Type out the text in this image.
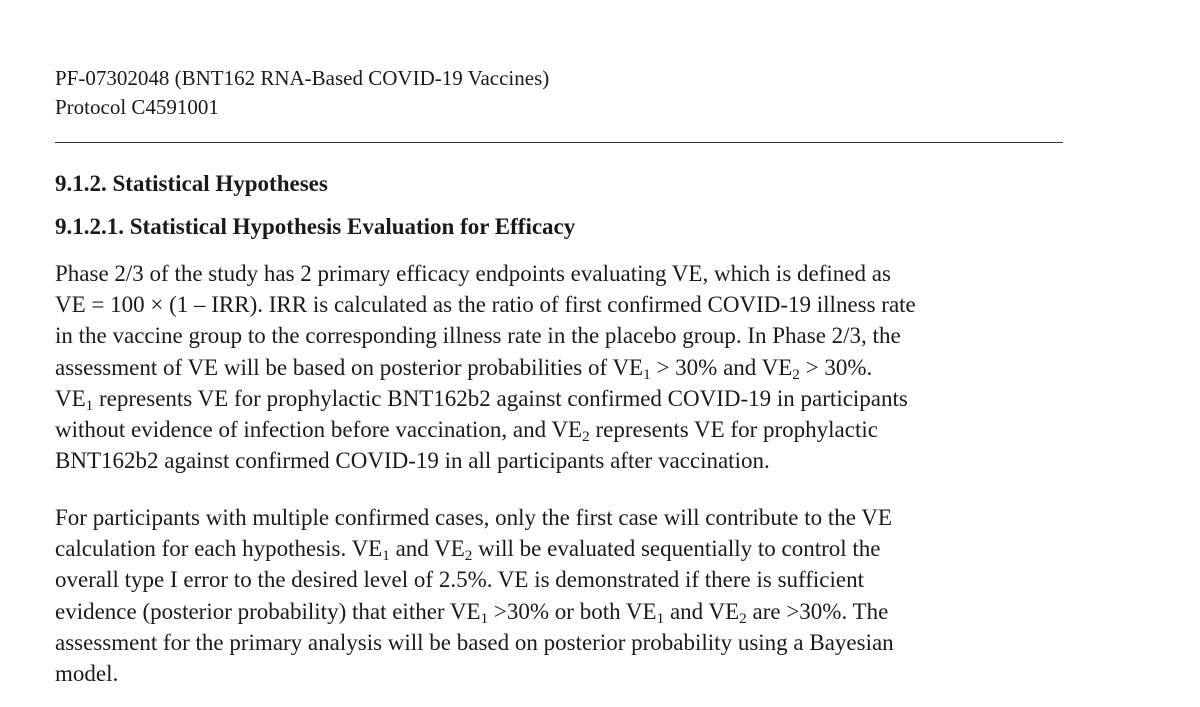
PF-07302048 (BNT162 RNA-Based COVID-19 Vaccines)
Protocol C4591001
9.1.2. Statistical Hypotheses
9.1.2.1. Statistical Hypothesis Evaluation for Efficacy
Phase 2/3 of the study has 2 primary efficacy endpoints evaluating VE, which is defined as
VE = 100 × (1 – IRR). IRR is calculated as the ratio of first confirmed COVID-19 illness rate
in the vaccine group to the corresponding illness rate in the placebo group. In Phase 2/3, the
assessment of VE will be based on posterior probabilities of $VE_1 > 30\%$ and $VE_2 > 30\%$.
$VE_1$ represents VE for prophylactic BNT162b2 against confirmed COVID-19 in participants
without evidence of infection before vaccination, and $VE_2$ represents VE for prophylactic
BNT162b2 against confirmed COVID-19 in all participants after vaccination.
For participants with multiple confirmed cases, only the first case will contribute to the VE
calculation for each hypothesis. $VE_1$ and $VE_2$ will be evaluated sequentially to control the
overall type I error to the desired level of 2.5%. VE is demonstrated if there is sufficient
evidence (posterior probability) that either $VE_1 >30\%$ or both $VE_1$ and $VE_2$ are >30%. The
assessment for the primary analysis will be based on posterior probability using a Bayesian
model.
